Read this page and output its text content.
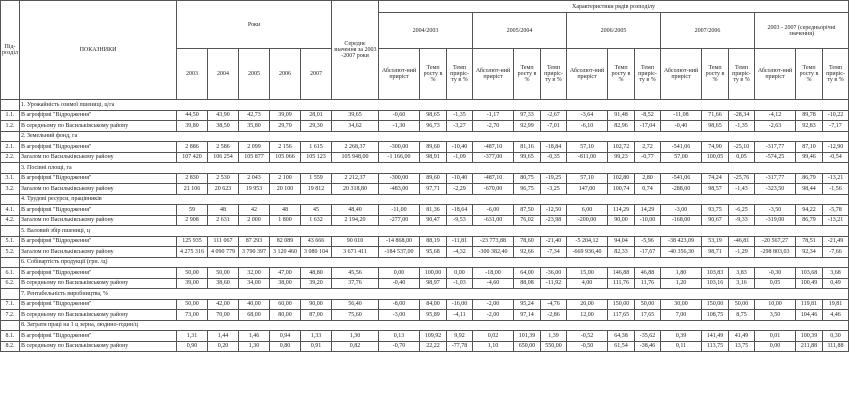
Під-розділ	ПОКАЗНИКИ	Роки					Середнє значення за 2003 -2007 роки	Характеристики рядів розподілу														
								2004/2003			2005/2004			2006/2005			2007/2006			2003 - 2007 (середньорічні значення)		
		2003	2004	2005	2006	2007		Абсолют-ний приріст	Темп росту в %	Темп приріс-ту в %	Абсолют-ний приріст	Темп росту в %	Темп приріс-ту в %	Абсолют-ний приріст	Темп росту в %	Темп приріс-ту в %	Абсолют-ний приріст	Темп росту в %	Темп приріс-ту в %	Абсолют-ний приріст	Темп росту в %	Темп приріс-ту в %
	1. Урожайність озимої пшениці, ц/га																					
1.1.	В агрофірмі "Відродження"	44,50	43,90	42,73	39,09	28,01	39,65	-0,60	98,65	-1,35	-1,17	97,33	-2,67	-3,64	91,48	-8,52	-11,08	71,66	-28,34	-4,12	89,78	-10,22
1.2.	В середньому по Васильківському району	39,80	38,50	35,80	29,70	29,30	34,62	-1,30	96,73	-3,27	-2,70	92,99	-7,01	-6,10	82,96	-17,04	-0,40	98,65	-1,35	-2,63	92,83	-7,17
	2. Земельний фонд, га																					
2.1.	В агрофірмі "Відродження"	2 886	2 586	2 099	2 156	1 615	2 268,37	-300,00	89,60	-10,40	-487,10	81,16	-18,84	57,10	102,72	2,72	-541,06	74,90	-25,10	-317,77	87,10	-12,90
2.2.	Загалом по Васильківському району	107 420	106 254	105 877	105 066	105 123	105 948,00	-1 166,00	98,91	-1,09	-377,00	99,65	-0,35	-811,00	99,23	-0,77	57,00	100,05	0,05	-574,25	99,46	-0,54
	3. Посівні площі, га																					
3.1.	В агрофірмі "Відродження"	2 830	2 530	2 043	2 100	1 559	2 212,37	-300,00	89,60	-10,40	-487,10	80,75	-19,25	57,10	102,80	2,80	-541,06	74,24	-25,76	-317,77	86,79	-13,21
3.2.	Загалом по Васильківському району	21 106	20 623	19 953	20 100	19 812	20 318,80	-483,00	97,71	-2,29	-670,00	96,75	-3,25	147,00	100,74	0,74	-288,00	98,57	-1,43	-323,50	98,44	-1,56
	4. Трудові ресурси, працівників																					
4.1.	В агрофірмі "Відродження"	59	48	42	48	45	48,40	-11,00	81,36	-18,64	-6,00	87,50	-12,50	6,00	114,29	14,29	-3,00	93,75	-6,25	-3,50	94,22	-5,78
4.2.	Загалом по Васильківському району	2 908	2 631	2 000	1 800	1 632	2 194,20	-277,00	90,47	-9,53	-631,00	76,02	-23,98	-200,00	90,00	-10,00	-168,00	90,67	-9,33	-319,00	86,79	-13,21
	5. Валовий збір пшениці, ц																					
5.1.	В агрофірмі "Відродження"	125 935	111 067	87 293	82 089	43 666	90 010	-14 868,00	88,19	-11,81	-23 773,88	78,60	-21,40	-5 204,12	94,04	-5,96	-38 423,09	53,19	-46,81	-20 567,27	78,51	-21,49
5.2.	Загалом по Васильківському району	4 275 316	4 090 779	3 790 397	3 120 460	3 080 104	3 671 411	-184 537,00	95,68	-4,32	-300 382,40	92,66	-7,34	-669 936,40	82,33	-17,67	-40 356,30	98,71	-1,29	-298 803,03	92,34	-7,66
	6. Собівартість продукції (грн. /ц)																					
6.1.	В агрофірмі "Відродження"	50,00	50,00	32,00	47,00	48,80	45,56	0,00	100,00	0,00	-18,00	64,00	-36,00	15,00	146,88	46,88	1,80	103,83	3,83	-0,30	103,68	3,68
6.2.	В середньому по Васильківському району	39,00	38,60	34,00	38,00	39,20	37,76	-0,40	98,97	-1,03	-4,60	88,08	-11,92	4,00	111,76	11,76	1,20	103,16	3,16	0,05	100,49	0,49
	7. Рентабельність виробництва, %																					
7.1.	В агрофірмі "Відродження"	50,00	42,00	40,00	60,00	90,00	56,40	-8,00	84,00	-16,00	-2,00	95,24	-4,76	20,00	150,00	50,00	30,00	150,00	50,00	10,00	119,81	19,81
7.2.	В середньому по Васильківському району	73,00	70,00	68,00	80,00	87,00	75,60	-3,00	95,89	-4,11	-2,00	97,14	-2,86	12,00	117,65	17,65	7,00	108,75	8,75	3,50	104,46	4,46
	8. Затрати праці на 1 ц зерна, людино-годин/ц																					
8.1.	В агрофірмі "Відродження"	1,31	1,44	1,46	0,94	1,33	1,30	0,13	109,92	9,92	0,02	101,39	1,39	-0,52	64,38	-35,62	0,39	141,49	41,49	0,01	100,39	0,30
8.2.	В середньому по Васильківському району	0,90	0,20	1,30	0,80	0,91	0,82	-0,70	22,22	-77,78	1,10	650,00	550,00	-0,50	61,54	-38,46	0,11	113,75	13,75	0,00	211,88	111,88
